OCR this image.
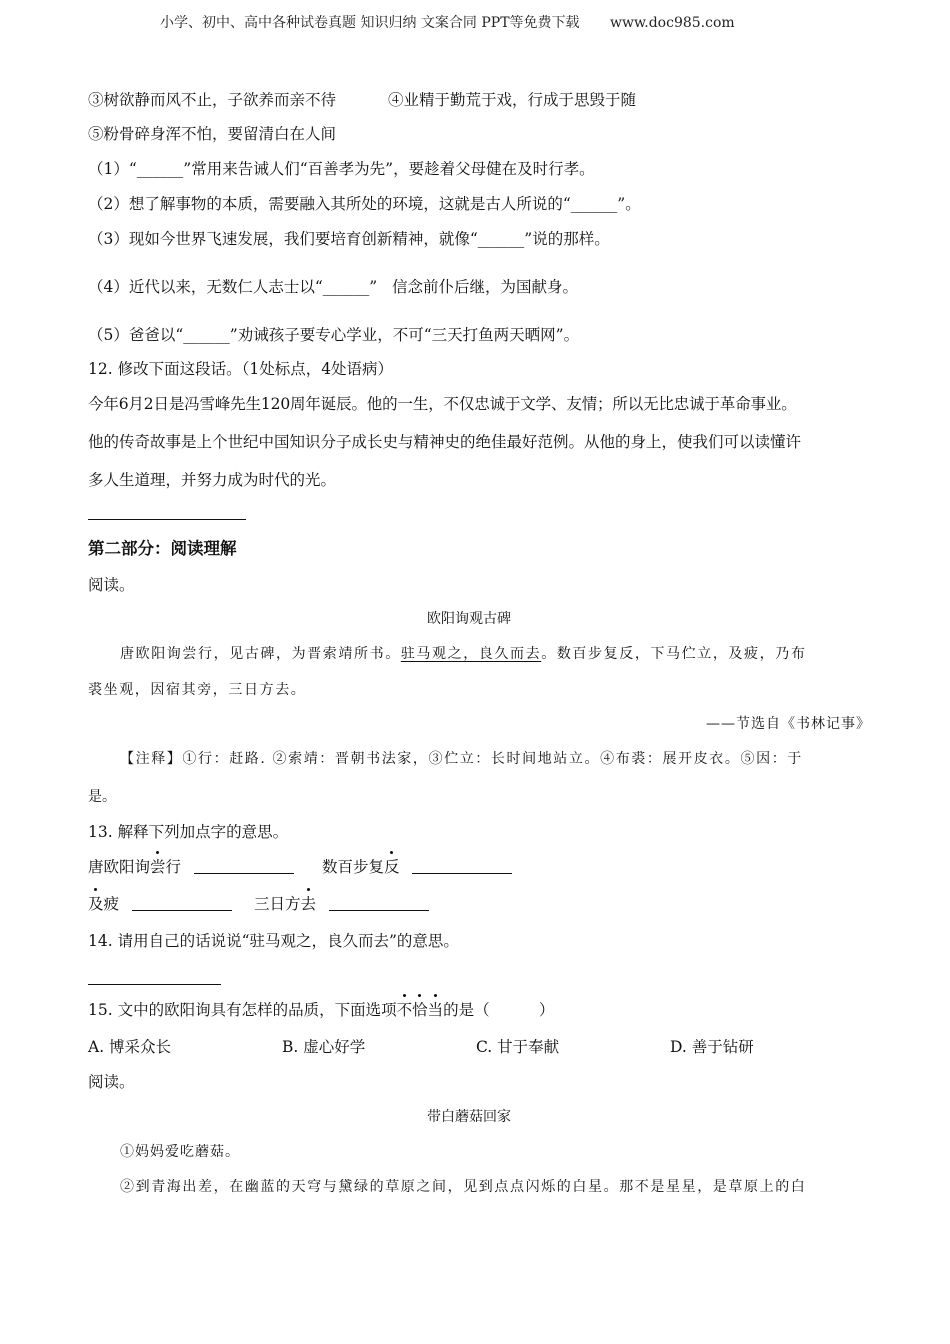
小学、初中、高中各种试卷真题 知识归纳 文案合同 PPT等免费下载 www.doc985.com
③树欲静而风不止，子欲养而亲不待	④业精于勤荒于戏，行成于思毁于随
⑤粉骨碎身浑不怕，要留清白在人间
（1）“______”常用来告诫人们“百善孝为先”，要趁着父母健在及时行孝。
（2）想了解事物的本质，需要融入其所处的环境，这就是古人所说的“______”。
（3）现如今世界飞速发展，我们要培育创新精神，就像“______”说的那样。
（4）近代以来，无数仁人志士以“______”   信念前仆后继，为国献身。
（5）爸爸以“______”劝诫孩子要专心学业，不可“三天打鱼两天晒网”。
12. 修改下面这段话。（1处标点，4处语病）
今年6月2日是冯雪峰先生120周年诞辰。他的一生，不仅忠诚于文学、友情；所以无比忠诚于革命事业。
他的传奇故事是上个世纪中国知识分子成长史与精神史的绝佳最好范例。从他的身上，使我们可以读懂许
多人生道理，并努力成为时代的光。
第二部分：阅读理解
阅读。
欧阳询观古碑
唐欧阳询尝行，见古碑，为晋索靖所书。驻马观之，良久而去。数百步复反，下马伫立，及疲，乃布
裘坐观，因宿其旁，三日方去。
——节选自《书林记事》
【注释】①行：赶路. ②索靖：晋朝书法家，③伫立：长时间地站立。④布裘：展开皮衣。⑤因：于
是。
13. 解释下列加点字的意思。
唐欧阳询尝行	数百步复反
及疲	三日方去
14. 请用自己的话说说“驻马观之，良久而去”的意思。
15. 文中的欧阳询具有怎样的品质，下面选项不恰当的是（          ）
A. 博采众长	B. 虚心好学	C. 甘于奉献	D. 善于钻研
阅读。
带白蘑菇回家
①妈妈爱吃蘑菇。
②到青海出差，在幽蓝的天穹与黛绿的草原之间，见到点点闪烁的白星。那不是星星，是草原上的白
